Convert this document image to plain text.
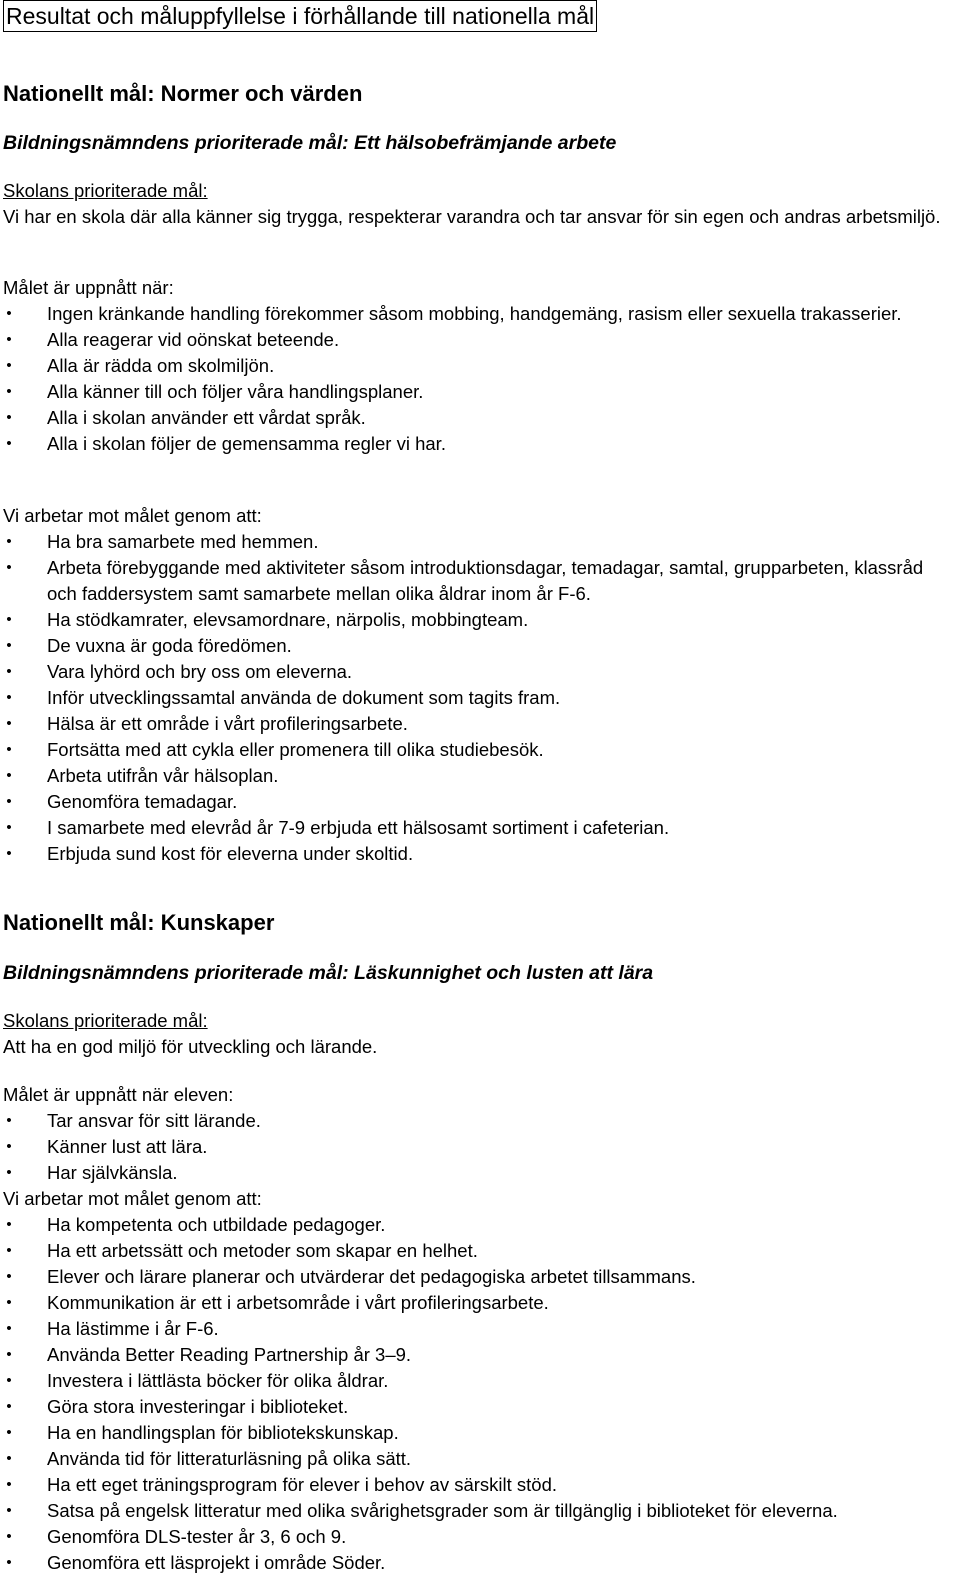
Resultat och måluppfyllelse i förhållande till nationella mål

Nationellt mål: Normer och värden

Bildningsnämndens prioriterade mål: Ett hälsobefrämjande arbete

Skolans prioriterade mål:

Vi har en skola där alla känner sig trygga, respekterar varandra och tar ansvar för sin egen och andras arbetsmiljö.

Målet är uppnått när:

• Ingen kränkande handling förekommer såsom mobbing, handgemäng, rasism eller sexuella trakasserier.
• Alla reagerar vid oönskat beteende.
• Alla är rädda om skolmiljön.
• Alla känner till och följer våra handlingsplaner.
• Alla i skolan använder ett vårdat språk.
• Alla i skolan följer de gemensamma regler vi har.

Vi arbetar mot målet genom att:

• Ha bra samarbete med hemmen.
• Arbeta förebyggande med aktiviteter såsom introduktionsdagar, temadagar, samtal, grupparbeten, klassråd och faddersystem samt samarbete mellan olika åldrar inom år F-6.
• Ha stödkamrater, elevsamordnare, närpolis, mobbingteam.
• De vuxna är goda föredömen.
• Vara lyhörd och bry oss om eleverna.
• Inför utvecklingssamtal använda de dokument som tagits fram.
• Hälsa är ett område i vårt profileringsarbete.
• Fortsätta med att cykla eller promenera till olika studiebesök.
• Arbeta utifrån vår hälsoplan.
• Genomföra temadagar.
• I samarbete med elevråd år 7-9 erbjuda ett hälsosamt sortiment i cafeterian.
• Erbjuda sund kost för eleverna under skoltid.

Nationellt mål: Kunskaper

Bildningsnämndens prioriterade mål: Läskunnighet och lusten att lära

Skolans prioriterade mål:

Att ha en god miljö för utveckling och lärande.

Målet är uppnått när eleven:

• Tar ansvar för sitt lärande.
• Känner lust att lära.
• Har självkänsla.

Vi arbetar mot målet genom att:

• Ha kompetenta och utbildade pedagoger.
• Ha ett arbetssätt och metoder som skapar en helhet.
• Elever och lärare planerar och utvärderar det pedagogiska arbetet tillsammans.
• Kommunikation är ett i arbetsområde i vårt profileringsarbete.
• Ha lästimme i år F-6.
• Använda Better Reading Partnership år 3–9.
• Investera i lättlästa böcker för olika åldrar.
• Göra stora investeringar i biblioteket.
• Ha en handlingsplan för bibliotekskunskap.
• Använda tid för litteraturläsning på olika sätt.
• Ha ett eget träningsprogram för elever i behov av särskilt stöd.
• Satsa på engelsk litteratur med olika svårighetsgrader som är tillgänglig i biblioteket för eleverna.
• Genomföra DLS-tester år 3, 6 och 9.
• Genomföra ett läsprojekt i område Söder.
